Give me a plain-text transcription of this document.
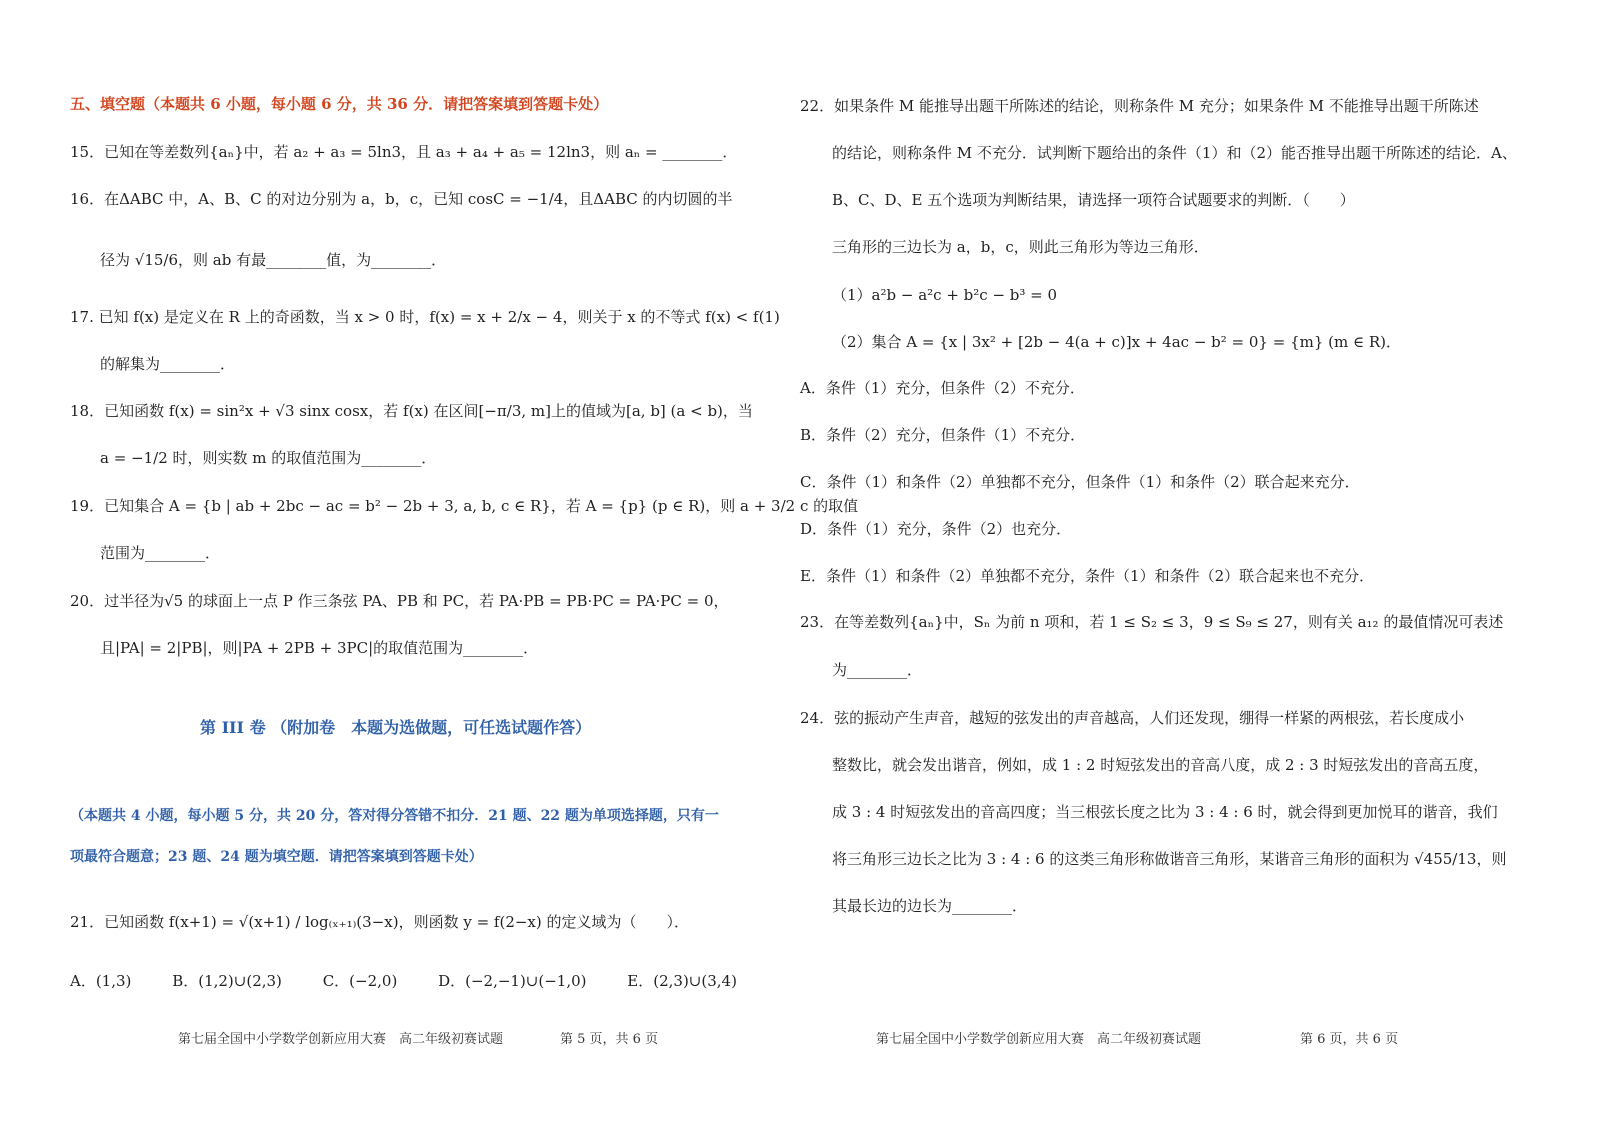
五、填空题（本题共 6 小题，每小题 6 分，共 36 分．请把答案填到答题卡处）
15．已知在等差数列{aₙ}中，若 a₂ + a₃ = 5ln3，且 a₃ + a₄ + a₅ = 12ln3，则 aₙ = ________．
16．在ΔABC 中，A、B、C 的对边分别为 a，b，c，已知 cosC = −1/4，且ΔABC 的内切圆的半
径为 √15/6，则 ab 有最________值，为________．
17. 已知 f(x) 是定义在 R 上的奇函数，当 x > 0 时，f(x) = x + 2/x − 4，则关于 x 的不等式 f(x) < f(1)
的解集为________．
18．已知函数 f(x) = sin²x + √3 sinx cosx，若 f(x) 在区间[−π/3, m]上的值域为[a, b] (a < b)，当
a = −1/2 时，则实数 m 的取值范围为________．
19．已知集合 A = {b | ab + 2bc − ac = b² − 2b + 3, a, b, c ∈ R}，若 A = {p} (p ∈ R)，则 a + 3/2 c 的取值
范围为________．
20．过半径为√5 的球面上一点 P 作三条弦 PA、PB 和 PC，若 PA·PB = PB·PC = PA·PC = 0，
且|PA| = 2|PB|，则|PA + 2PB + 3PC|的取值范围为________．
第 III 卷 （附加卷　本题为选做题，可任选试题作答）
（本题共 4 小题，每小题 5 分，共 20 分，答对得分答错不扣分．21 题、22 题为单项选择题，只有一
项最符合题意；23 题、24 题为填空题．请把答案填到答题卡处）
21．已知函数 f(x+1) = √(x+1) / log₍ₓ₊₁₎(3−x)，则函数 y = f(2−x) 的定义域为（　　）．
A．(1,3)	B．(1,2)∪(2,3)	C．(−2,0)	D．(−2,−1)∪(−1,0)	E．(2,3)∪(3,4)
第七届全国中小学数学创新应用大赛　高二年级初赛试题	第 5 页，共 6 页
22．如果条件 M 能推导出题干所陈述的结论，则称条件 M 充分；如果条件 M 不能推导出题干所陈述
的结论，则称条件 M 不充分．试判断下题给出的条件（1）和（2）能否推导出题干所陈述的结论．A、
B、C、D、E 五个选项为判断结果，请选择一项符合试题要求的判断．（　　）
三角形的三边长为 a，b，c，则此三角形为等边三角形．
（1）a²b − a²c + b²c − b³ = 0
（2）集合 A = {x | 3x² + [2b − 4(a + c)]x + 4ac − b² = 0} = {m} (m ∈ R)．
A．条件（1）充分，但条件（2）不充分．
B．条件（2）充分，但条件（1）不充分．
C．条件（1）和条件（2）单独都不充分，但条件（1）和条件（2）联合起来充分．
D．条件（1）充分，条件（2）也充分．
E．条件（1）和条件（2）单独都不充分，条件（1）和条件（2）联合起来也不充分．
23．在等差数列{aₙ}中，Sₙ 为前 n 项和，若 1 ≤ S₂ ≤ 3，9 ≤ S₉ ≤ 27，则有关 a₁₂ 的最值情况可表述
为________．
24．弦的振动产生声音，越短的弦发出的声音越高，人们还发现，绷得一样紧的两根弦，若长度成小
整数比，就会发出谐音，例如，成 1 : 2 时短弦发出的音高八度，成 2 : 3 时短弦发出的音高五度，
成 3 : 4 时短弦发出的音高四度；当三根弦长度之比为 3 : 4 : 6 时，就会得到更加悦耳的谐音，我们
将三角形三边长之比为 3 : 4 : 6 的这类三角形称做谐音三角形，某谐音三角形的面积为 √455/13，则
其最长边的边长为________．
第七届全国中小学数学创新应用大赛　高二年级初赛试题	第 6 页，共 6 页
